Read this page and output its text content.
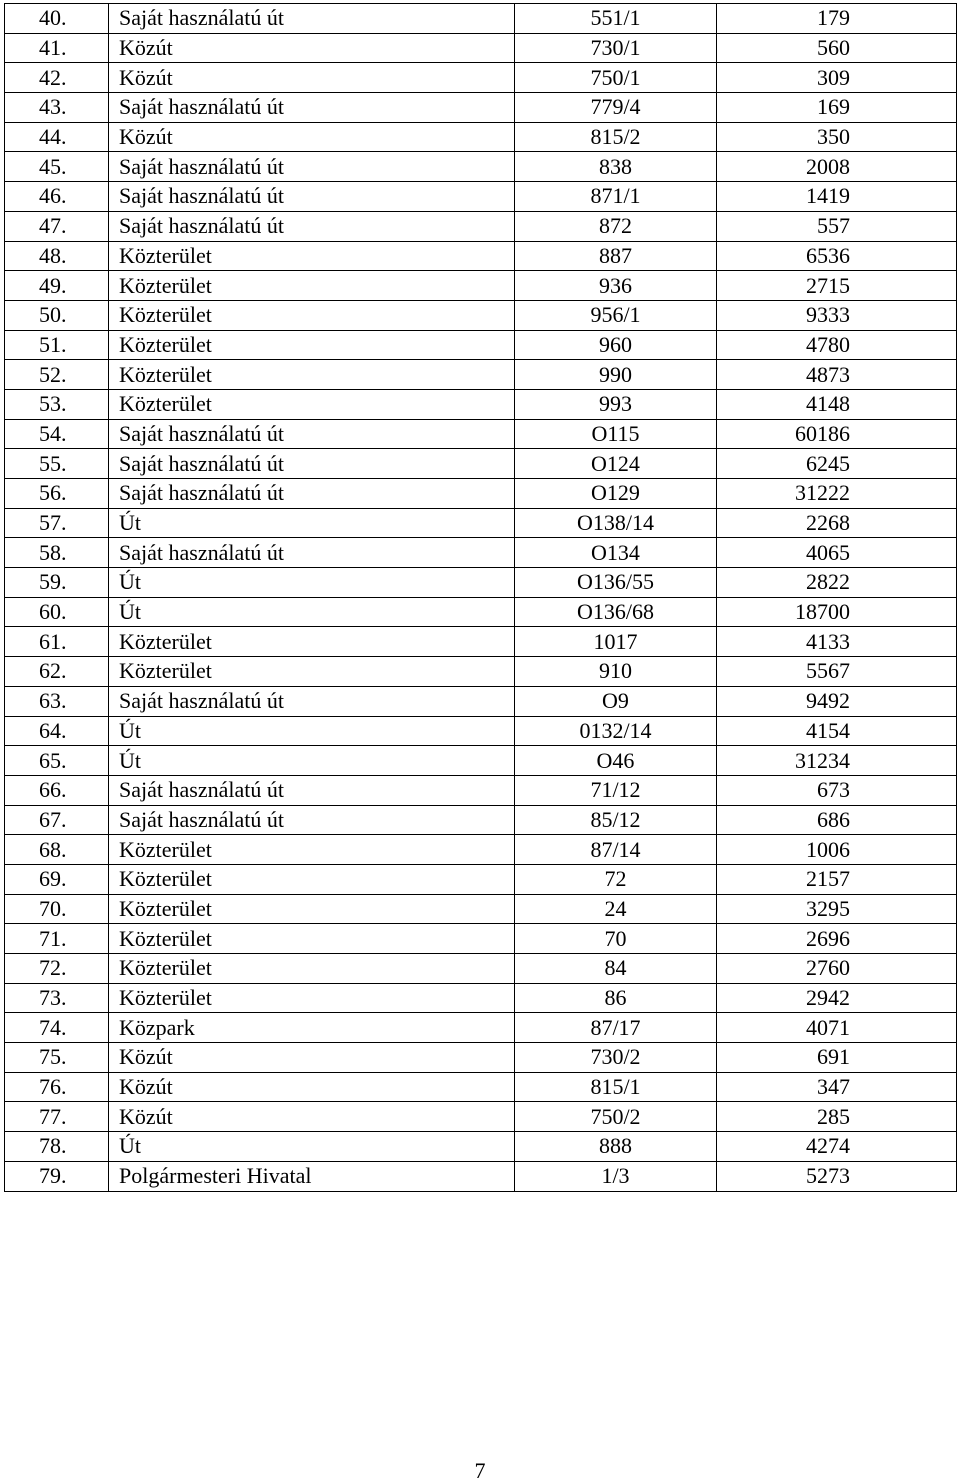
40.	Saját használatú út	551/1	179
41.	Közút	730/1	560
42.	Közút	750/1	309
43.	Saját használatú út	779/4	169
44.	Közút	815/2	350
45.	Saját használatú út	838	2008
46.	Saját használatú út	871/1	1419
47.	Saját használatú út	872	557
48.	Közterület	887	6536
49.	Közterület	936	2715
50.	Közterület	956/1	9333
51.	Közterület	960	4780
52.	Közterület	990	4873
53.	Közterület	993	4148
54.	Saját használatú út	O115	60186
55.	Saját használatú út	O124	6245
56.	Saját használatú út	O129	31222
57.	Út	O138/14	2268
58.	Saját használatú út	O134	4065
59.	Út	O136/55	2822
60.	Út	O136/68	18700
61.	Közterület	1017	4133
62.	Közterület	910	5567
63.	Saját használatú út	O9	9492
64.	Út	0132/14	4154
65.	Út	O46	31234
66.	Saját használatú út	71/12	673
67.	Saját használatú út	85/12	686
68.	Közterület	87/14	1006
69.	Közterület	72	2157
70.	Közterület	24	3295
71.	Közterület	70	2696
72.	Közterület	84	2760
73.	Közterület	86	2942
74.	Közpark	87/17	4071
75.	Közút	730/2	691
76.	Közút	815/1	347
77.	Közút	750/2	285
78.	Út	888	4274
79.	Polgármesteri Hivatal	1/3	5273
7
